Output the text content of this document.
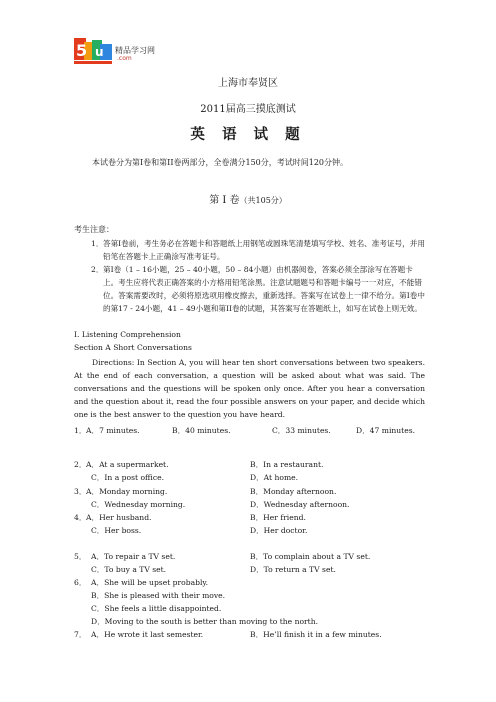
5 u 精品学习网
.com
上海市奉贤区
2011届高三摸底测试
英 语 试 题
本试卷分为第I卷和第II卷两部分，全卷满分150分，考试时间120分钟。
第 Ⅰ 卷（共105分）
考生注意：
1． 答第I卷前，考生务必在答题卡和答题纸上用钢笔或圆珠笔清楚填写学校、姓名、准考证号，并用铅笔在答题卡上正确涂写准考证号。
2． 第I卷（1 – 16小题，25 – 40小题，50 – 84小题）由机器阅卷，答案必须全部涂写在答题卡上。考生应将代表正确答案的小方格用铅笔涂黑。注意试题题号和答题卡编号一一对应，不能错位。答案需要改时，必须将原选项用橡皮擦去，重新选择。答案写在试卷上一律不给分。第I卷中的第17 - 24小题，41 – 49小题和第II卷的试题，其答案写在答题纸上，如写在试卷上则无效。
I. Listening Comprehension
Section A Short Conversations
Directions: In Section A, you will hear ten short conversations between two speakers. At the end of each conversation, a question will be asked about what was said. The conversations and the questions will be spoken only once. After you hear a conversation and the question about it, read the four possible answers on your paper, and decide which one is the best answer to the question you have heard.
1． A．7 minutes.	B．40 minutes.	C．33 minutes.	D．47 minutes.
2． A．At a supermarket.	B．In a restaurant.
C．In a post office.	D．At home.
3． A．Monday morning.	B．Monday afternoon.
C．Wednesday morning.	D．Wednesday afternoon.
4． A．Her husband.	B．Her friend.
C．Her boss.	D．Her doctor.
5． A．To repair a TV set.	B．To complain about a TV set.
C．To buy a TV set.	D．To return a TV set.
6． A．She will be upset probably.
B．She is pleased with their move.
C．She feels a little disappointed.
D．Moving to the south is better than moving to the north.
7． A．He wrote it last semester.	B．He’ll finish it in a few minutes.
